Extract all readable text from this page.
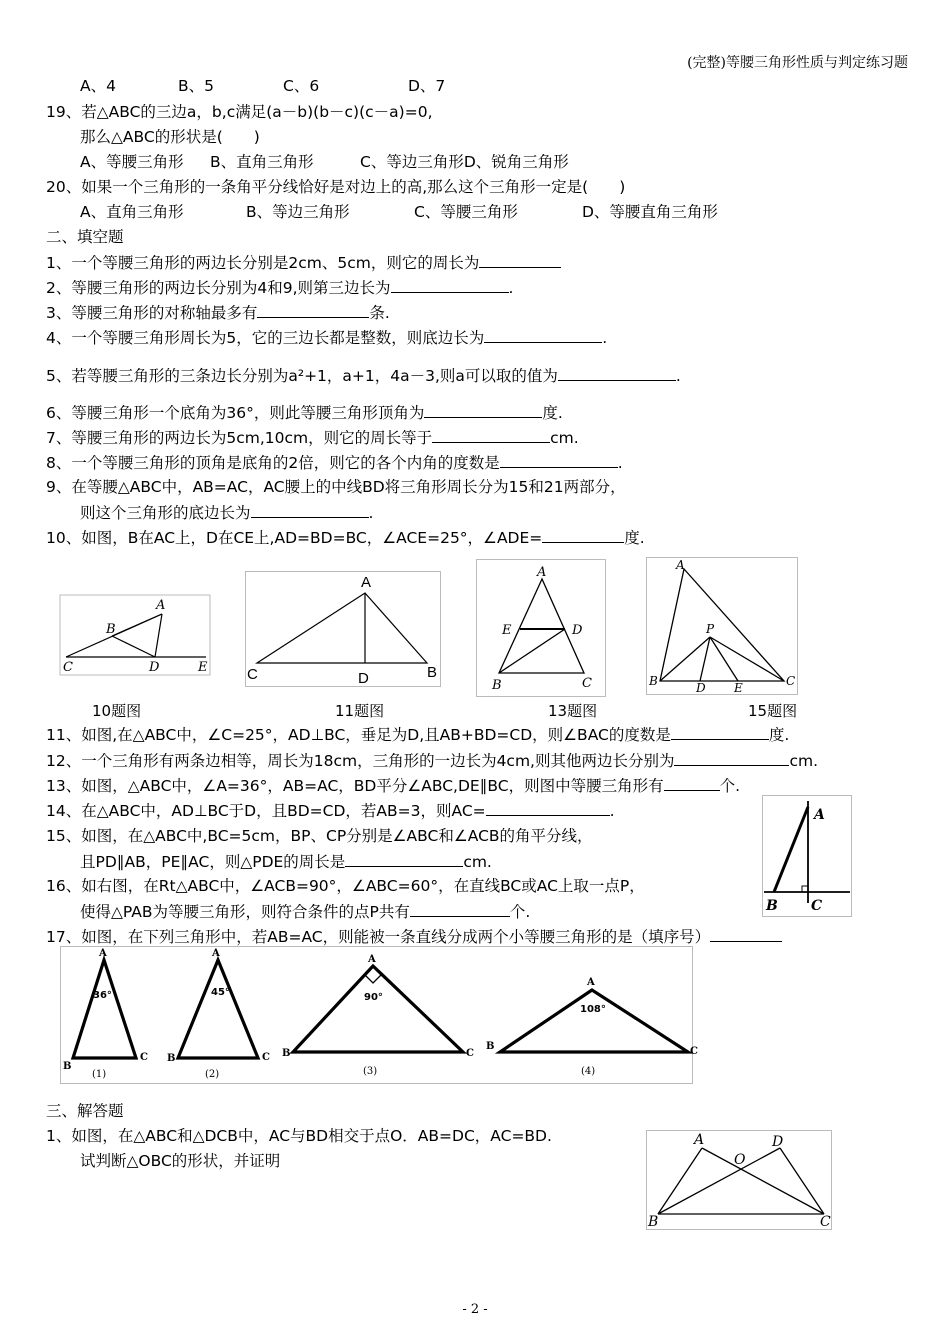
(完整)等腰三角形性质与判定练习题
A、4	B、5	C、6	D、7
19、若△ABC的三边a，b,c满足(a－b)(b－c)(c－a)=0,
那么△ABC的形状是(　　)
A、等腰三角形 B、直角三角形	C、等边三角形D、锐角三角形
20、如果一个三角形的一条角平分线恰好是对边上的高,那么这个三角形一定是(　　)
A、直角三角形	B、等边三角形	C、等腰三角形	D、等腰直角三角形
二、填空题
1、一个等腰三角形的两边长分别是2cm、5cm，则它的周长为
2、等腰三角形的两边长分别为4和9,则第三边长为	.
3、等腰三角形的对称轴最多有	条.
4、一个等腰三角形周长为5，它的三边长都是整数，则底边长为	.
5、若等腰三角形的三条边长分别为a²+1，a+1，4a－3,则a可以取的值为	.
6、等腰三角形一个底角为36°，则此等腰三角形顶角为	度.
7、等腰三角形的两边长为5cm,10cm，则它的周长等于	cm.
8、一个等腰三角形的顶角是底角的2倍，则它的各个内角的度数是	.
9、在等腰△ABC中，AB=AC，AC腰上的中线BD将三角形周长分为15和21两部分，
则这个三角形的底边长为	.
10、如图，B在AC上，D在CE上,AD=BD=BC，∠ACE=25°，∠ADE=	度.
A
B
C	D	E
A
C	D	B
A
E	D
B	C
A
P
B	D E	C
10题图	11题图	13题图	15题图
11、如图,在△ABC中，∠C=25°，AD⊥BC，垂足为D,且AB+BD=CD，则∠BAC的度数是	度.
12、一个三角形有两条边相等，周长为18cm，三角形的一边长为4cm,则其他两边长分别为	cm.
13、如图，△ABC中，∠A=36°，AB=AC，BD平分∠ABC,DE∥BC，则图中等腰三角形有	个.
14、在△ABC中，AD⊥BC于D，且BD=CD，若AB=3，则AC=	.
15、如图，在△ABC中,BC=5cm，BP、CP分别是∠ABC和∠ACB的角平分线，
且PD∥AB，PE∥AC，则△PDE的周长是	cm.
16、如右图，在Rt△ABC中，∠ACB=90°，∠ABC=60°，在直线BC或AC上取一点P，
使得△PAB为等腰三角形，则符合条件的点P共有	个.
A
B C
17、如图，在下列三角形中，若AB=AC，则能被一条直线分成两个小等腰三角形的是（填序号）
A
B
C
A
B	C
A
B	C
A
B	C
36°	45°	90°
108°
(1)	(2)	(3)	(4)
三、解答题
1、如图，在△ABC和△DCB中，AC与BD相交于点O．AB=DC，AC=BD.
试判断△OBC的形状，并证明
A
O
D
B	C
- 2 -
